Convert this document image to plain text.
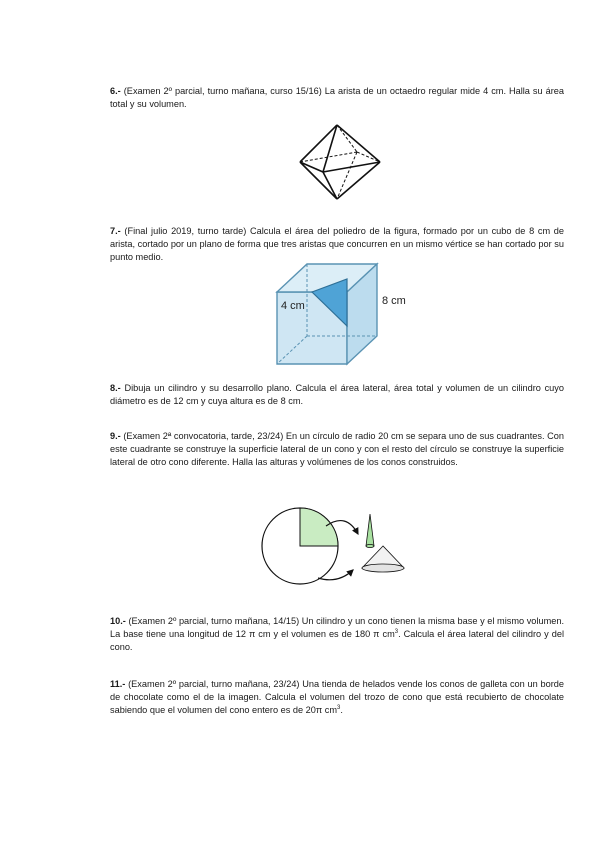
6.- (Examen 2º parcial, turno mañana, curso 15/16) La arista de un octaedro regular mide 4 cm. Halla su área total y su volumen.
7.- (Final julio 2019, turno tarde) Calcula el área del poliedro de la figura, formado por un cubo de 8 cm de arista, cortado por un plano de forma que tres aristas que concurren en un mismo vértice se han cortado por su punto medio.
4 cm	8 cm
8.- Dibuja un cilindro y su desarrollo plano. Calcula el área lateral, área total y volumen de un cilindro cuyo diámetro es de 12 cm y cuya altura es de 8 cm.
9.- (Examen 2ª convocatoria, tarde, 23/24) En un círculo de radio 20 cm se separa uno de sus cuadrantes. Con este cuadrante se construye la superficie lateral de un cono y con el resto del círculo se construye la superficie lateral de otro cono diferente. Halla las alturas y volúmenes de los conos construidos.
10.- (Examen 2º parcial, turno mañana, 14/15) Un cilindro y un cono tienen la misma base y el mismo volumen. La base tiene una longitud de 12 π cm y el volumen es de 180 π $cm^3$. Calcula el área lateral del cilindro y del cono.
11.- (Examen 2º parcial, turno mañana, 23/24) Una tienda de helados vende los conos de galleta con un borde de chocolate como el de la imagen. Calcula el volumen del trozo de cono que está recubierto de chocolate sabiendo que el volumen del cono entero es de 20π $cm^3$.
